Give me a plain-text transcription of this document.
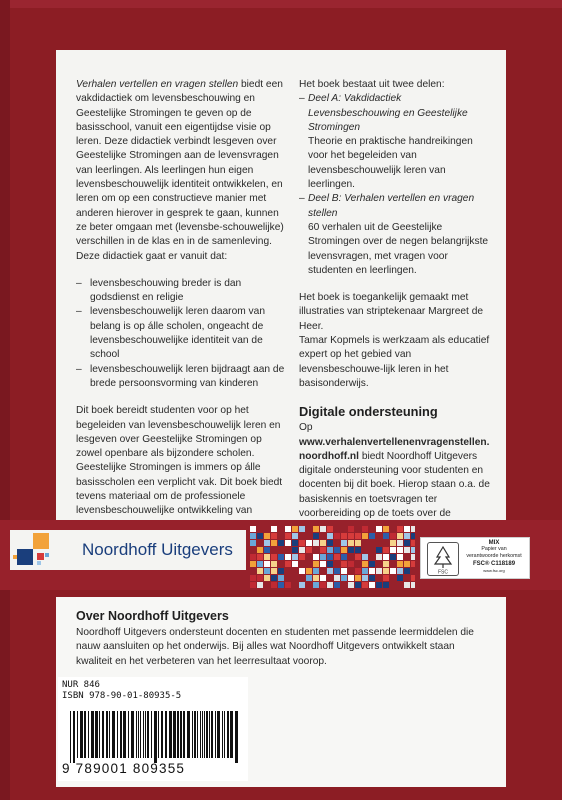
Verhalen vertellen en vragen stellen biedt een vakdidactiek om levensbeschouwing en Geestelijke Stromingen te geven op de basisschool, vanuit een eigentijdse visie op leren. Deze didactiek verbindt lesgeven over Geestelijke Stromingen aan de levensvragen van leerlingen. Als leerlingen hun eigen levensbeschouwelijk identiteit ontwikkelen, en leren om op een constructieve manier met anderen hierover in gesprek te gaan, kunnen ze beter omgaan met (levensbe-schouwelijke) verschillen in de klas en in de samenleving. Deze didactiek gaat er vanuit dat:

– levensbeschouwing breder is dan godsdienst en religie
– levensbeschouwelijk leren daarom van belang is op álle scholen, ongeacht de levensbeschouwelijke identiteit van de school
– levensbeschouwelijk leren bijdraagt aan de brede persoonsvorming van kinderen

Dit boek bereidt studenten voor op het begeleiden van levensbeschouwelijk leren en lesgeven over Geestelijke Stromingen op zowel openbare als bijzondere scholen. Geestelijke Stromingen is immers op álle basisscholen een verplicht vak. Dit boek biedt tevens materiaal om de professionele levensbeschouwelijke ontwikkeling van

Het boek bestaat uit twee delen:
– Deel A: Vakdidactiek Levensbeschouwing en Geestelijke Stromingen
Theorie en praktische handreikingen voor het begeleiden van levensbeschouwelijk leren van leerlingen.
– Deel B: Verhalen vertellen en vragen stellen
60 verhalen uit de Geestelijke Stromingen over de negen belangrijkste levensvragen, met vragen voor studenten en leerlingen.
Het boek is toegankelijk gemaakt met illustraties van striptekenaar Margreet de Heer.

Tamar Kopmels is werkzaam als educatief expert op het gebied van levensbeschouwe-lijk leren in het basisonderwijs.

Digitale ondersteuning
Op www.verhalenvertellenenvragenstellen. noordhoff.nl biedt Noordhoff Uitgevers digitale ondersteuning voor studenten en docenten bij dit boek. Hierop staan o.a. de basiskennis en toetsvragen ter voorbereiding op de toets over de
Noordhoff Uitgevers
FSC
MIX
Papier van
verantwoorde herkomst
FSC® C118189
www.fsc.org
Over Noordhoff Uitgevers
Noordhoff Uitgevers ondersteunt docenten en studenten met passende leermiddelen die nauw aansluiten op het onderwijs. Bij alles wat Noordhoff Uitgevers ontwikkelt staan kwaliteit en het verbeteren van het leerresultaat voorop.
NUR 846
ISBN 978-90-01-80935-5
9 789001 809355
